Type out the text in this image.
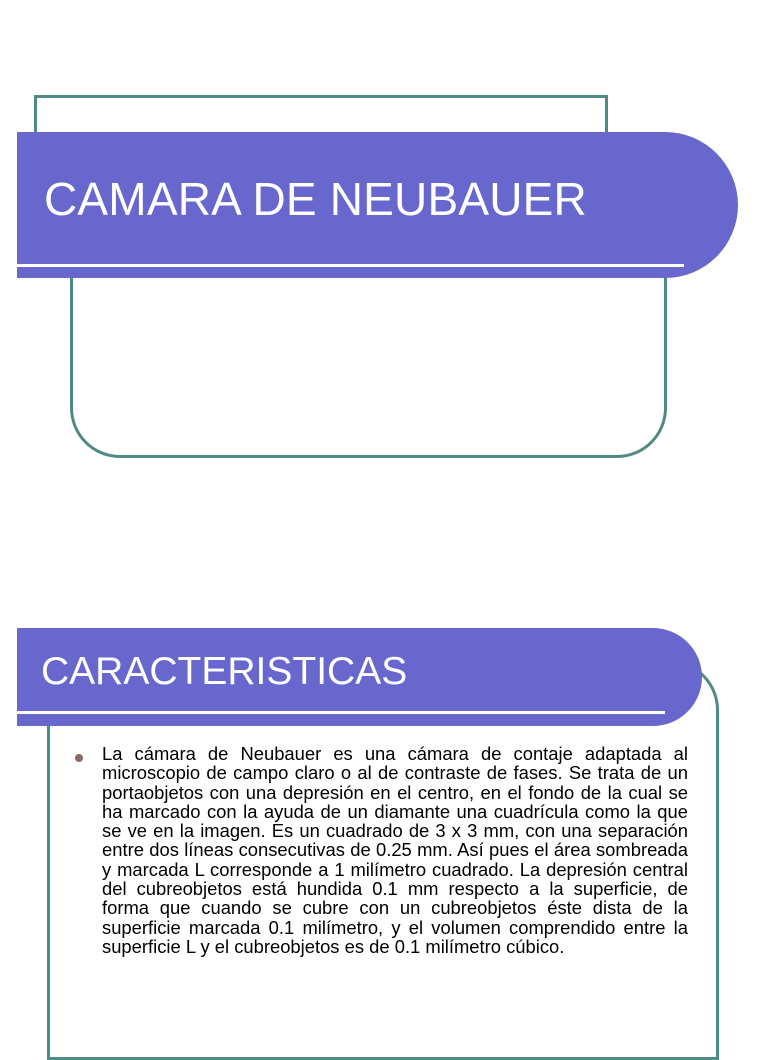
CAMARA DE NEUBAUER
CARACTERISTICAS

La cámara de Neubauer es una cámara de contaje adaptada al microscopio de campo claro o al de contraste de fases. Se trata de un portaobjetos con una depresión en el centro, en el fondo de la cual se ha marcado con la ayuda de un diamante una cuadrícula como la que se ve en la imagen. Es un cuadrado de 3 x 3 mm, con una separación entre dos líneas consecutivas de 0.25 mm. Así pues el área sombreada y marcada L corresponde a 1 milímetro cuadrado. La depresión central del cubreobjetos está hundida 0.1 mm respecto a la superficie, de forma que cuando se cubre con un cubreobjetos éste dista de la superficie marcada 0.1 milímetro, y el volumen comprendido entre la superficie L y el cubreobjetos es de 0.1 milímetro cúbico.
